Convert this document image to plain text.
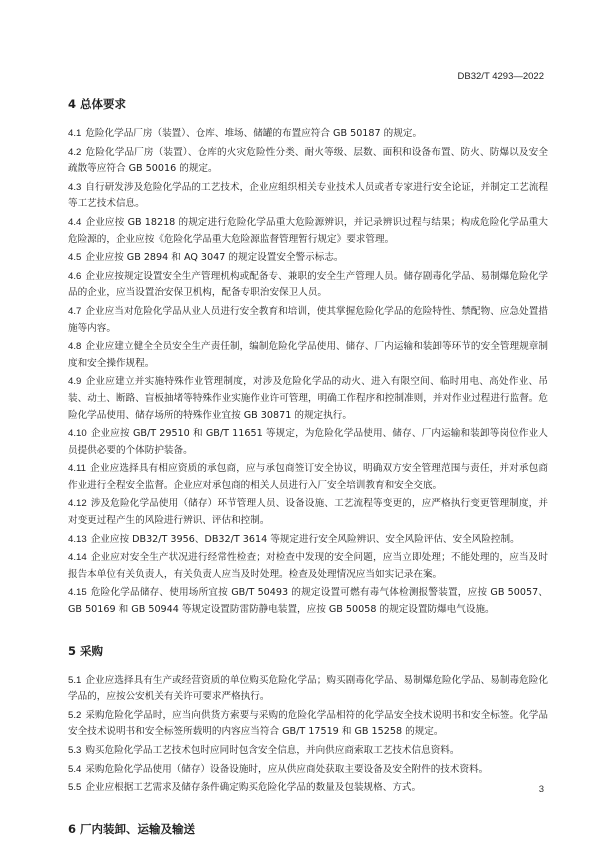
DB32/T 4293—2022
4 总体要求
4.1 危险化学品厂房（装置）、仓库、堆场、储罐的布置应符合 GB 50187 的规定。
4.2 危险化学品厂房（装置）、仓库的火灾危险性分类、耐火等级、层数、面积和设备布置、防火、防爆以及安全疏散等应符合 GB 50016 的规定。
4.3 自行研发涉及危险化学品的工艺技术，企业应组织相关专业技术人员或者专家进行安全论证，并制定工艺流程等工艺技术信息。
4.4 企业应按 GB 18218 的规定进行危险化学品重大危险源辨识，并记录辨识过程与结果；构成危险化学品重大危险源的，企业应按《危险化学品重大危险源监督管理暂行规定》要求管理。
4.5 企业应按 GB 2894 和 AQ 3047 的规定设置安全警示标志。
4.6 企业应按规定设置安全生产管理机构或配备专、兼职的安全生产管理人员。储存剧毒化学品、易制爆危险化学品的企业，应当设置治安保卫机构，配备专职治安保卫人员。
4.7 企业应当对危险化学品从业人员进行安全教育和培训，使其掌握危险化学品的危险特性、禁配物、应急处置措施等内容。
4.8 企业应建立健全全员安全生产责任制，编制危险化学品使用、储存、厂内运输和装卸等环节的安全管理规章制度和安全操作规程。
4.9 企业应建立并实施特殊作业管理制度，对涉及危险化学品的动火、进入有限空间、临时用电、高处作业、吊装、动土、断路、盲板抽堵等特殊作业实施作业许可管理，明确工作程序和控制准则，并对作业过程进行监督。危险化学品使用、储存场所的特殊作业宜按 GB 30871 的规定执行。
4.10 企业应按 GB/T 29510 和 GB/T 11651 等规定，为危险化学品使用、储存、厂内运输和装卸等岗位作业人员提供必要的个体防护装备。
4.11 企业应选择具有相应资质的承包商，应与承包商签订安全协议，明确双方安全管理范围与责任，并对承包商作业进行全程安全监督。企业应对承包商的相关人员进行入厂安全培训教育和安全交底。
4.12 涉及危险化学品使用（储存）环节管理人员、设备设施、工艺流程等变更的，应严格执行变更管理制度，并对变更过程产生的风险进行辨识、评估和控制。
4.13 企业应按 DB32/T 3956、DB32/T 3614 等规定进行安全风险辨识、安全风险评估、安全风险控制。
4.14 企业应对安全生产状况进行经常性检查；对检查中发现的安全问题，应当立即处理；不能处理的，应当及时报告本单位有关负责人，有关负责人应当及时处理。检查及处理情况应当如实记录在案。
4.15 危险化学品储存、使用场所宜按 GB/T 50493 的规定设置可燃有毒气体检测报警装置，应按 GB 50057、GB 50169 和 GB 50944 等规定设置防雷防静电装置，应按 GB 50058 的规定设置防爆电气设施。
5 采购
5.1 企业应选择具有生产或经营资质的单位购买危险化学品；购买剧毒化学品、易制爆危险化学品、易制毒危险化学品的，应按公安机关有关许可要求严格执行。
5.2 采购危险化学品时，应当向供货方索要与采购的危险化学品相符的化学品安全技术说明书和安全标签。化学品安全技术说明书和安全标签所载明的内容应当符合 GB/T 17519 和 GB 15258 的规定。
5.3 购买危险化学品工艺技术包时应同时包含安全信息，并向供应商索取工艺技术信息资料。
5.4 采购危险化学品使用（储存）设备设施时，应从供应商处获取主要设备及安全附件的技术资料。
5.5 企业应根据工艺需求及储存条件确定购买危险化学品的数量及包装规格、方式。
6 厂内装卸、运输及输送
3
